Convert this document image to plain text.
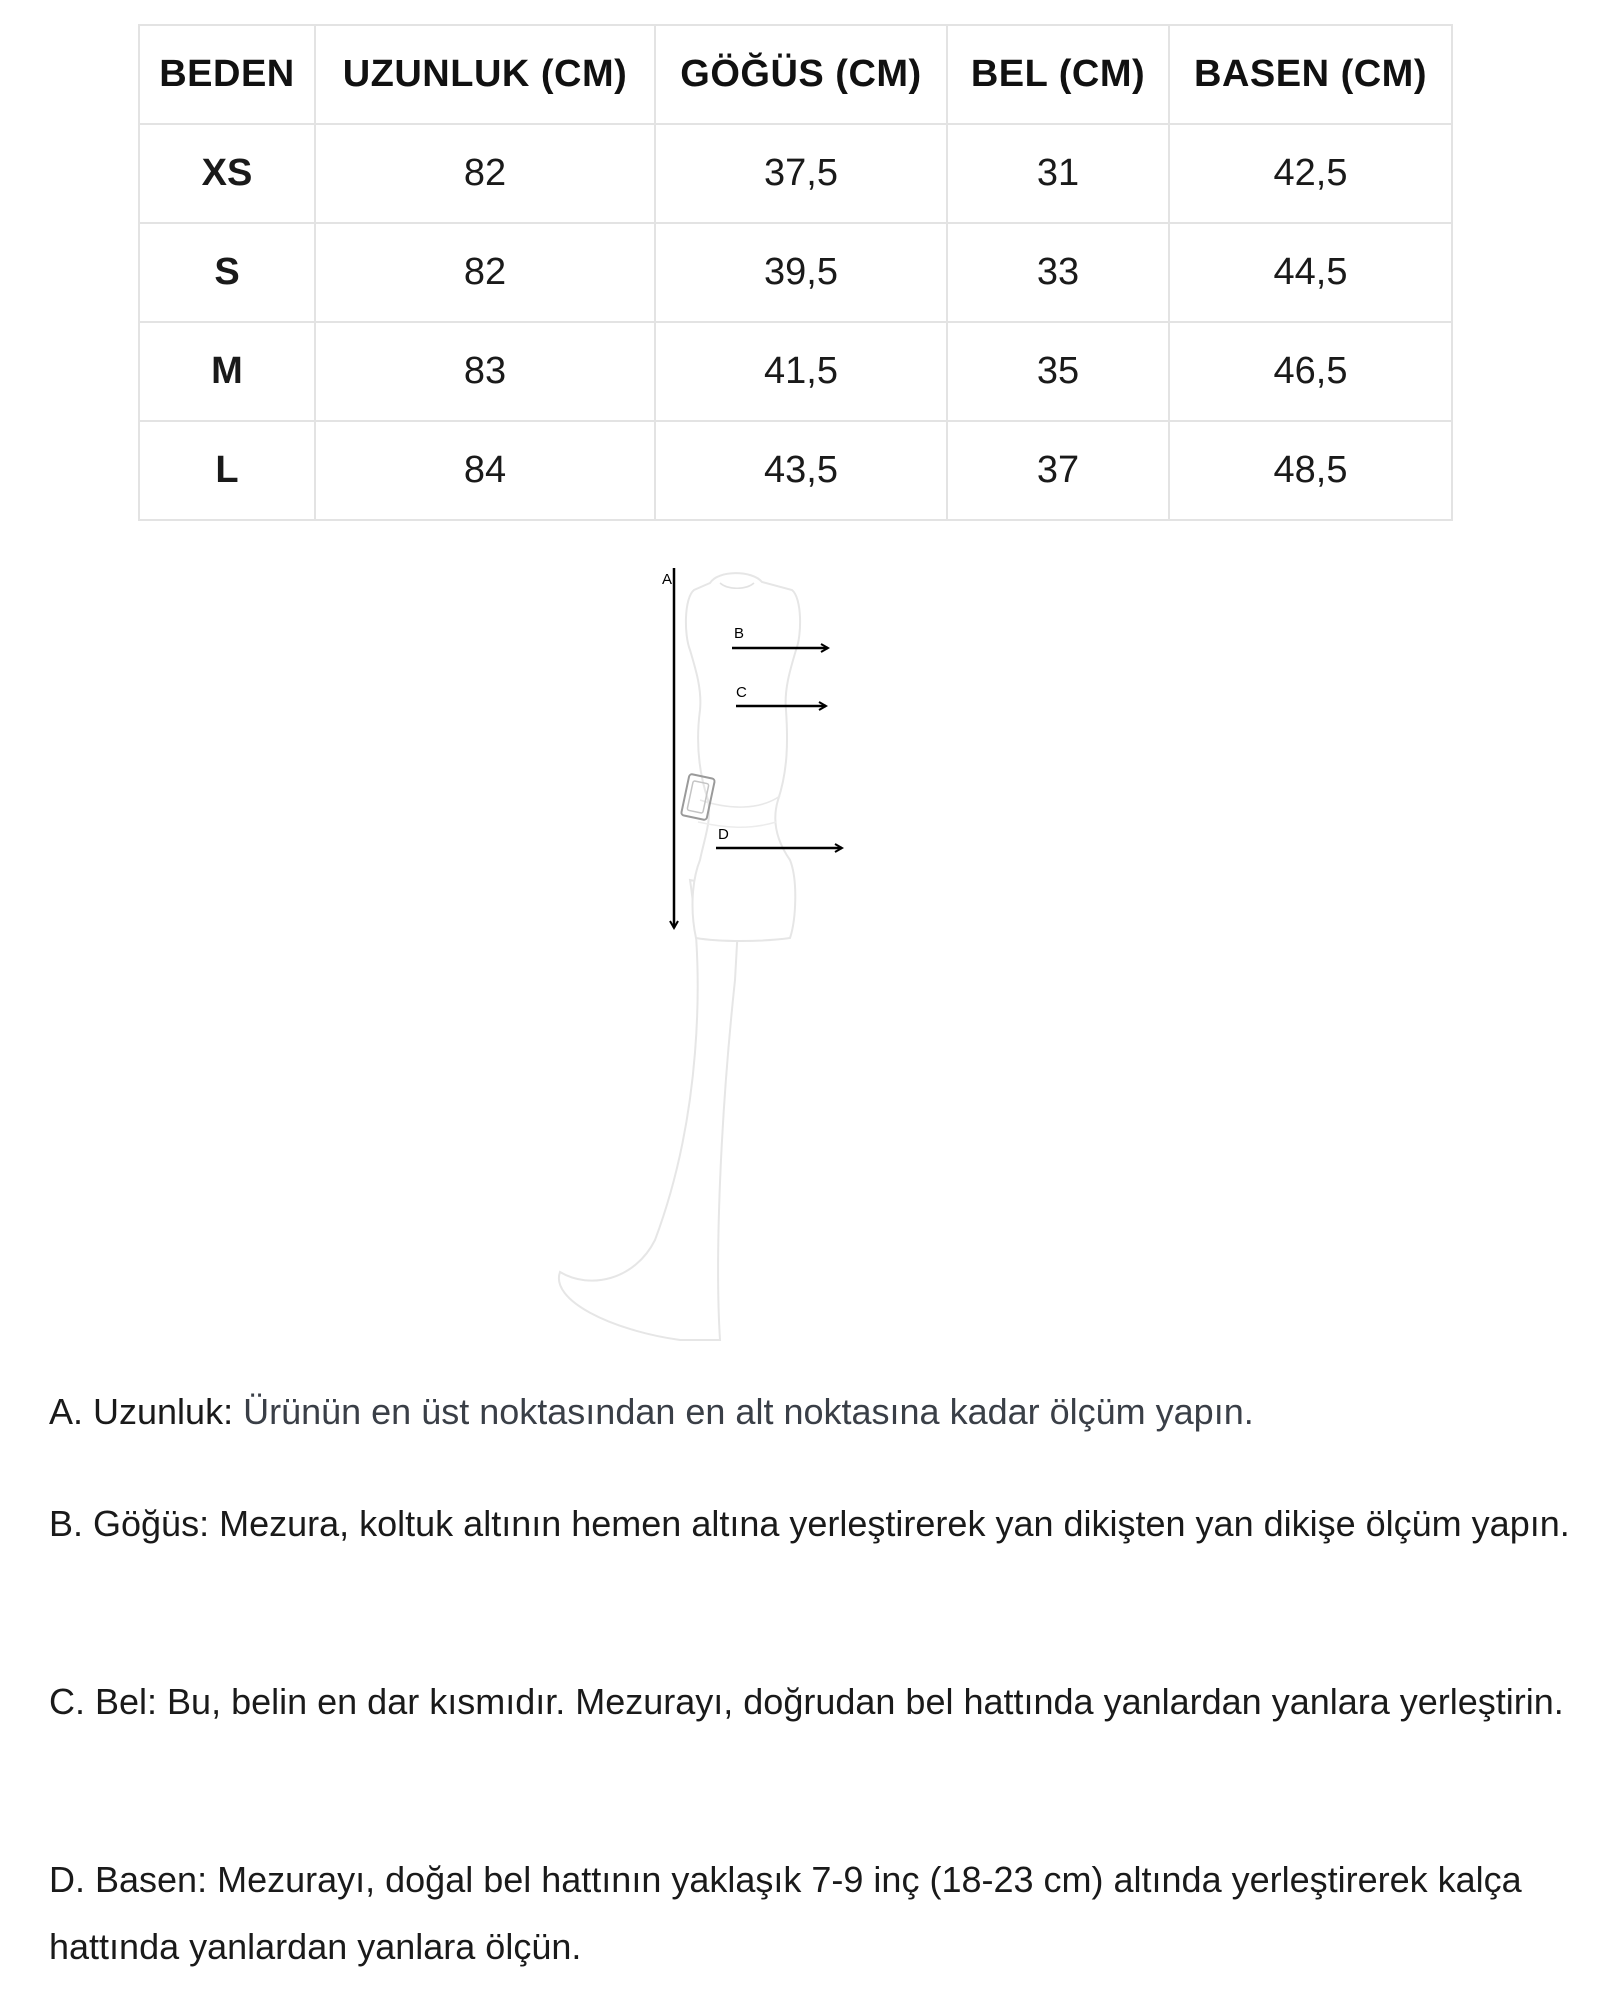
BEDEN	UZUNLUK (CM)	GÖĞÜS (CM)	BEL (CM)	BASEN (CM)
XS	82	37,5	31	42,5
S	82	39,5	33	44,5
M	83	41,5	35	46,5
L	84	43,5	37	48,5
A
B
C
D

A. Uzunluk: Ürünün en üst noktasından en alt noktasına kadar ölçüm yapın.

B. Göğüs: Mezura, koltuk altının hemen altına yerleştirerek yan dikişten yan dikişe ölçüm yapın.

C. Bel: Bu, belin en dar kısmıdır. Mezurayı, doğrudan bel hattında yanlardan yanlara yerleştirin.

D. Basen: Mezurayı, doğal bel hattının yaklaşık 7-9 inç (18-23 cm) altında yerleştirerek kalça hattında yanlardan yanlara ölçün.
